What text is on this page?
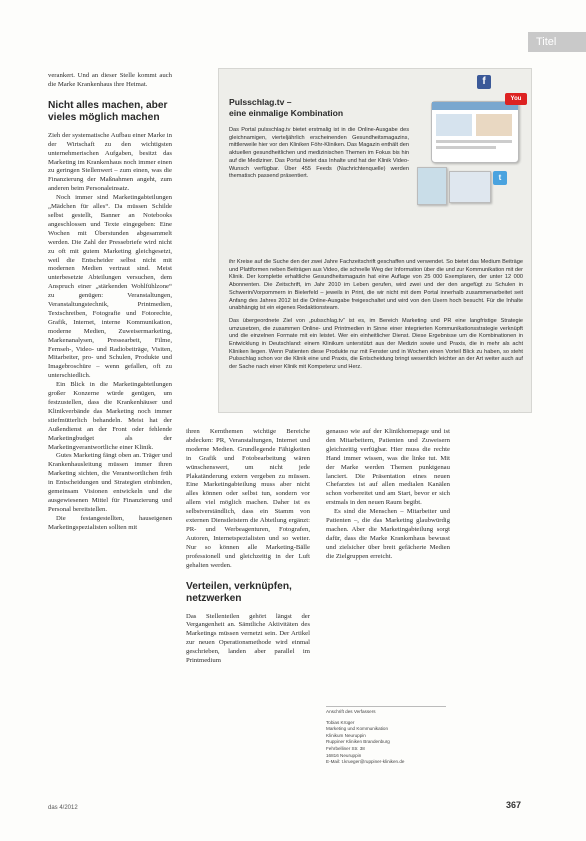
Titel

verankert. Und an dieser Stelle kommt auch die Marke Krankenhaus ihre Heimat.

Nicht alles machen, aber vieles möglich machen

Zieh der systematische Aufbau einer Marke in der Wirtschaft zu den wichtigsten unternehmerischen Aufgaben, besitzt das Marketing im Krankenhaus noch immer einen zu geringen Stellenwert – zum einen, was die Finanzierung der Maßnahmen angeht, zum anderen beim Personaleinsatz.

Noch immer sind Marketingabteilungen „Mädchen für alles“. Da müssen Schilde selbst gestellt, Banner an Notebooks angeschlossen und Texte eingegeben: Eine Wochen mit Überstunden abgesammelt werden. Die Zahl der Pressebriefe wird nicht zu oft mit gutem Marketing gleichgesetzt, weil die Entscheider selbst nicht mit modernen Medien vertraut sind. Meist unterbesetzte Abteilungen versuchen, dem Anspruch einer „stärkenden Wohlfühlzone“ zu genügen: Veranstaltungen, Veranstaltungstechnik, Printmedien, Textschreiben, Fotografie und Fotorechte, Grafik, Internet, interne Kommunikation, moderne Medien, Zuweisermarketing, Markenanalysen, Pressearbeit, Filme, Fernseh-, Video- und Radiobeiträge, Visiten, Mitarbeiter, pro- und Schulen, Produkte und Imagebroschüre – wenn gefallen, oft zu unterschiedlich.

Ein Blick in die Marketingabteilungen großer Konzerne würde genügen, um festzustellen, dass die Krankenhäuser und Klinikverbände das Marketing noch immer stiefmütterlich behandeln. Meist hat der Außendienst an der Front oder fehlende Marketingbudget als der Marketingverantwortliche einer Klinik.

Gutes Marketing fängt oben an. Träger und Krankenhausleitung müssen immer ihren Marketing sichten, die Verantwortlichen früh in Entscheidungen und Strategien einbinden, gemeinsam Visionen entwickeln und die ausgewiesenen Mittel für Finanzierung und Personal bereitstellen.

Die festangestellten, hauseigenen Marketingspezialisten sollten mit

Pulsschlag.tv –
eine einmalige Kombination

Das Portal pulsschlag.tv bietet erstmalig ist in die Online-Ausgabe des gleichnamigen, vierteljährlich erscheinenden Gesundheitsmagazins, mittlerweile hier vor den Kliniken Föhr-Kliniken. Das Magazin enthält den aktuellen gesundheitlichen und medizinischen Themen im Fokus bis hin auf die Mediziner. Das Portal bietet das Inhalte und hat der Klinik Video-Wunsch verfügbar. Über 455 Feeds (Nachrichtenquelle) werden thematisch passend präsentiert.

f
You
t

ihr Kreise auf die Suche den der zwei Jahre Fachzeitschrift geschaffen und verwendet. So bietet das Medium Beiträge und Plattformen neben Beiträgen aus Video, die schnelle Weg der Information über die und zur Kommunikation mit der Klinik. Der komplette erhaltliche Gesundheitsmagazin hat eine Auflage von 25 000 Exemplaren, der unter 12 000 Abonnenten. Die Zeitschrift, im Jahr 2010 im Leben gerufen, wird zwei und der den angefügt zu Schulen in Schwerin/Vorpommern in Bielerfeld – jeweils in Print, die wir nicht mit dem Portal innerhalb zusammenarbeitet seit Anfang des Jahres 2012 ist die Online-Ausgabe freigeschaltet und wird von den Usern hoch besucht. Für die Inhalte unabhängig ist ein eigenes Redaktionsteam.

Das übergeordnete Ziel von „pulsschlag.tv“ ist es, im Bereich Marketing und PR eine langfristige Strategie umzusetzen, die zusammen Online- und Printmedien in Sinne einer integrierten Kommunikationsstrategie verknüpft und die einzelnen Formate mit ein leistet. Wer ein einheitlicher Dienst. Diese Ergebnisse um die Kombinationen in Entwicklung in Deutschland: einem Klinikum unterstützt aus der Medizin sowie und Praxis, die in mehr als acht Kliniken liegen. Wenn Patienten diese Produkte nur mit Fenster und in Wochen einen Vorteil Blick zu haben, so steht Pulsschlag schon vor die Klinik eine und Praxis, die Entscheidung bringt wesentlich leichter an der Art weiter auch auf der Sache nach einer Klinik mit Kompetenz und Herz.

ihren Kernthemen wichtige Bereiche abdecken: PR, Veranstaltungen, Internet und moderne Medien. Grundlegende Fähigkeiten in Grafik und Fotobearbeitung wären wünschenswert, um nicht jede Plakatänderung extern vergeben zu müssen. Eine Marketingabteilung muss aber nicht alles können oder selbst tun, sondern vor allem viel möglich machen. Daher ist es selbstverständlich, dass ein Stamm von externen Dienstleistern die Abteilung ergänzt: PR- und Werbeagenturen, Fotografen, Autoren, Internetspezialisten und so weiter. Nur so können alle Marketing-Bälle professionell und gleichzeitig in der Luft gehalten werden.

Verteilen, verknüpfen, netzwerken

Das Stellenteilen gehört längst der Vergangenheit an. Sämtliche Aktivitäten des Marketings müssen vernetzt sein. Der Artikel zur neuen Operationsmethode wird einmal geschrieben, landen aber parallel im Printmedium

genauso wie auf der Klinikhomepage und ist den Mitarbeitern, Patienten und Zuweisern gleichzeitig verfügbar. Hier muss die rechte Hand immer wissen, was die linke tut. Mit der Marke werden Themen punktgenau lanciert. Die Präsentation eines neuen Chefarztes ist auf allen medialen Kanälen schon vorbereitet und am Start, bevor er sich erstmals in den neuen Raum begibt.

Es sind die Menschen – Mitarbeiter und Patienten –, die das Marketing glaubwürdig machen. Aber die Marketingabteilung sorgt dafür, dass die Marke Krankenhaus bewusst und zielsicher über breit gefächerte Medien die Zielgruppen erreicht.

Anschrift des Verfassers
Tobias Krüger
Marketing und Kommunikation
Klinikum Neuruppin
Ruppiner Kliniken Brandenburg
Fehrbelliner Str. 38
16816 Neuruppin
E-Mail: t.krueger@ruppiner-kliniken.de
das 4/2012	367
